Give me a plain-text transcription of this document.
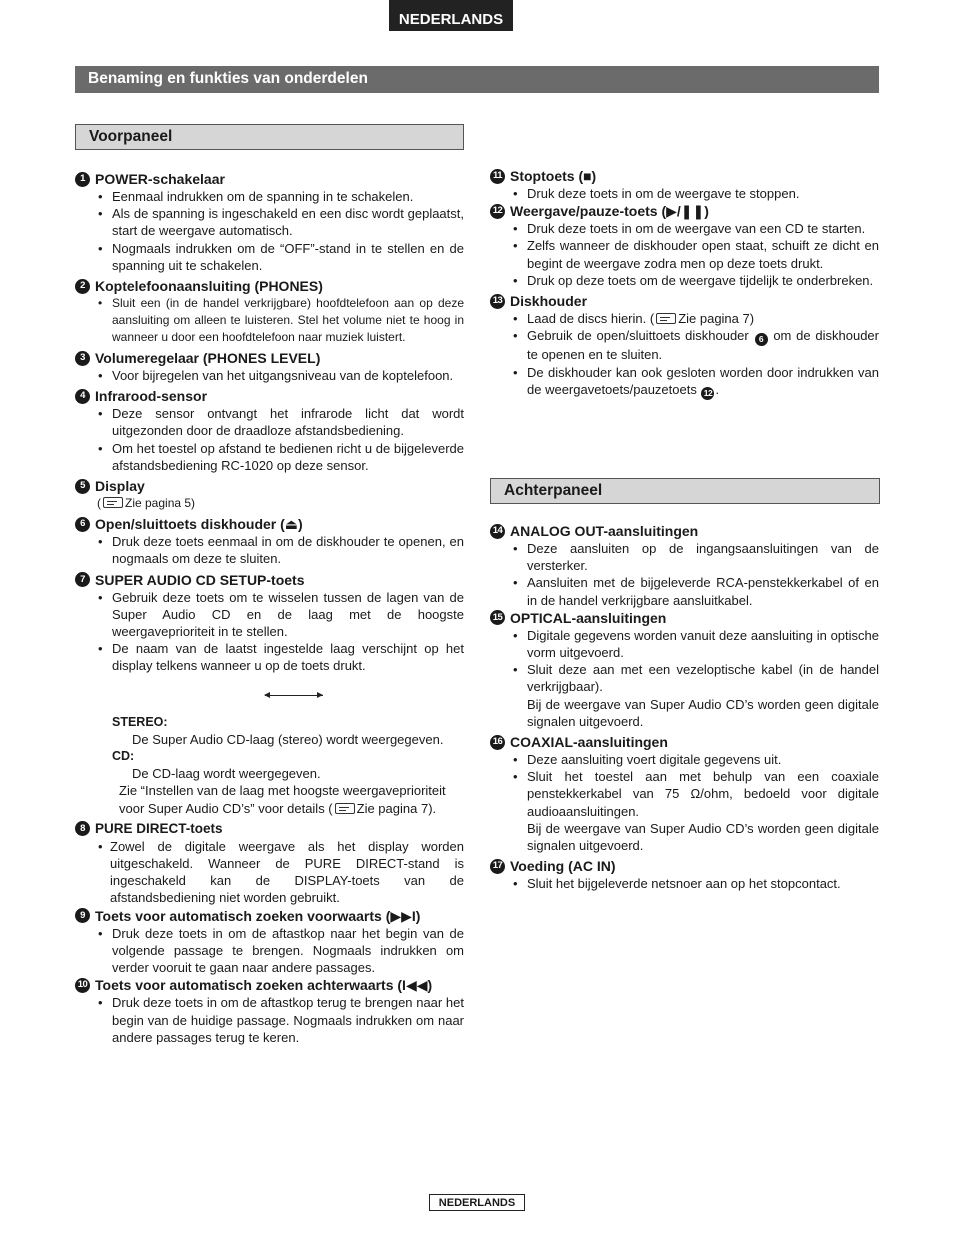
NEDERLANDS
Benaming en funkties van onderdelen
Voorpaneel
1 POWER-schakelaar
• Eenmaal indrukken om de spanning in te schakelen.
• Als de spanning is ingeschakeld en een disc wordt geplaatst, start de weergave automatisch.
• Nogmaals indrukken om de “OFF”-stand in te stellen en de spanning uit te schakelen.
2 Koptelefoonaansluiting (PHONES)
• Sluit een (in de handel verkrijgbare) hoofdtelefoon aan op deze aansluiting om alleen te luisteren. Stel het volume niet te hoog in wanneer u door een hoofdtelefoon naar muziek luistert.
3 Volumeregelaar (PHONES LEVEL)
• Voor bijregelen van het uitgangsniveau van de koptelefoon.
4 Infrarood-sensor
• Deze sensor ontvangt het infrarode licht dat wordt uitgezonden door de draadloze afstandsbediening.
• Om het toestel op afstand te bedienen richt u de bijgeleverde afstandsbediening RC-1020 op deze sensor.
5 Display
( Zie pagina 5)
6 Open/sluittoets diskhouder (⏏)
• Druk deze toets eenmaal in om de diskhouder te openen, en nogmaals om deze te sluiten.
7 SUPER AUDIO CD SETUP-toets
• Gebruik deze toets om te wisselen tussen de lagen van de Super Audio CD en de laag met de hoogste weergaveprioriteit in te stellen.
• De naam van de laatst ingestelde laag verschijnt op het display telkens wanneer u op de toets drukt.
STEREO:
De Super Audio CD-laag (stereo) wordt weergegeven.
CD:
De CD-laag wordt weergegeven.
Zie “Instellen van de laag met hoogste weergaveprioriteit
voor Super Audio CD’s” voor details ( Zie pagina 7).
8 PURE DIRECT-toets
• Zowel de digitale weergave als het display worden uitgeschakeld. Wanneer de PURE DIRECT-stand is ingeschakeld kan de DISPLAY-toets van de afstandsbediening niet worden gebruikt.
9 Toets voor automatisch zoeken voorwaarts (▶▶I)
• Druk deze toets in om de aftastkop naar het begin van de volgende passage te brengen. Nogmaals indrukken om verder vooruit te gaan naar andere passages.
10 Toets voor automatisch zoeken achterwaarts (I◀◀)
• Druk deze toets in om de aftastkop terug te brengen naar het begin van de huidige passage. Nogmaals indrukken om naar andere passages terug te keren.
11 Stoptoets (■)
• Druk deze toets in om de weergave te stoppen.
12 Weergave/pauze-toets (▶/❚❚)
• Druk deze toets in om de weergave van een CD te starten.
• Zelfs wanneer de diskhouder open staat, schuift ze dicht en begint de weergave zodra men op deze toets drukt.
• Druk op deze toets om de weergave tijdelijk te onderbreken.
13 Diskhouder
• Laad de discs hierin. ( Zie pagina 7)
• Gebruik de open/sluittoets diskhouder 6 om de diskhouder te openen en te sluiten.
• De diskhouder kan ook gesloten worden door indrukken van de weergavetoets/pauzetoets 12 .
Achterpaneel
14 ANALOG OUT-aansluitingen
• Deze aansluiten op de ingangsaansluitingen van de versterker.
• Aansluiten met de bijgeleverde RCA-penstekkerkabel of en in de handel verkrijgbare aansluitkabel.
15 OPTICAL-aansluitingen
• Digitale gegevens worden vanuit deze aansluiting in optische vorm uitgevoerd.
• Sluit deze aan met een vezeloptische kabel (in de handel verkrijgbaar).
Bij de weergave van Super Audio CD’s worden geen digitale signalen uitgevoerd.
16 COAXIAL-aansluitingen
• Deze aansluiting voert digitale gegevens uit.
• Sluit het toestel aan met behulp van een coaxiale penstekkerkabel van 75 Ω/ohm, bedoeld voor digitale audioaansluitingen.
Bij de weergave van Super Audio CD’s worden geen digitale signalen uitgevoerd.
17 Voeding (AC IN)
• Sluit het bijgeleverde netsnoer aan op het stopcontact.
NEDERLANDS
